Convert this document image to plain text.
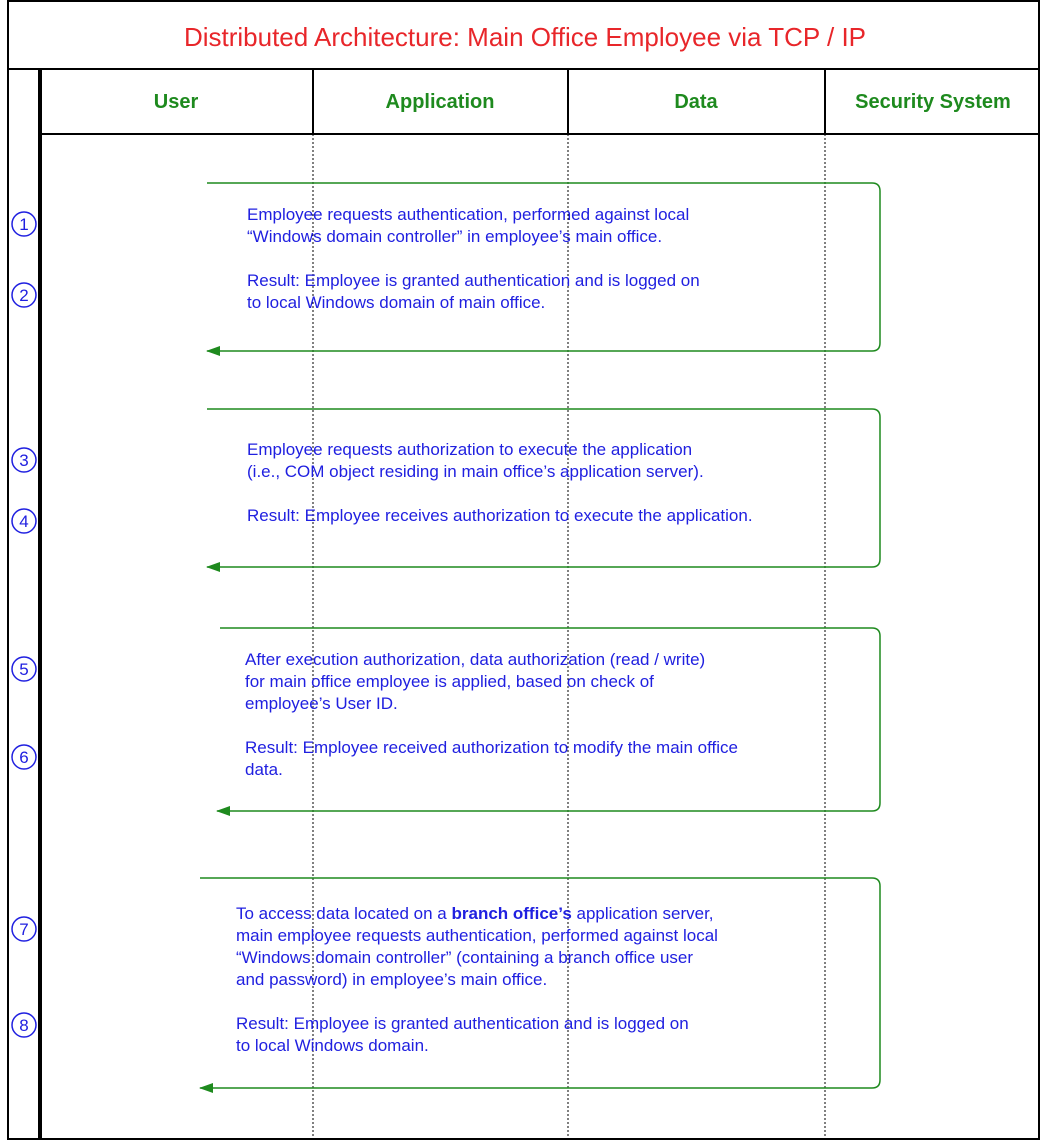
Distributed Architecture: Main Office Employee via TCP / IP
User	Application	Data	Security System
1
2
3
4
5
6
7
8
Employee requests authentication, performed against local “Windows domain controller” in employee’s main office. Result: Employee is granted authentication and is logged on to local Windows domain of main office.
Employee requests authorization to execute the application (i.e., COM object residing in main office’s application server). Result: Employee receives authorization to execute the application.
After execution authorization, data authorization (read / write) for main office employee is applied, based on check of employee’s User ID. Result: Employee received authorization to modify the main office data.
To access data located on a branch office’s application server, main employee requests authentication, performed against local “Windows domain controller” (containing a branch office user and password) in employee’s main office. Result: Employee is granted authentication and is logged on to local Windows domain.
